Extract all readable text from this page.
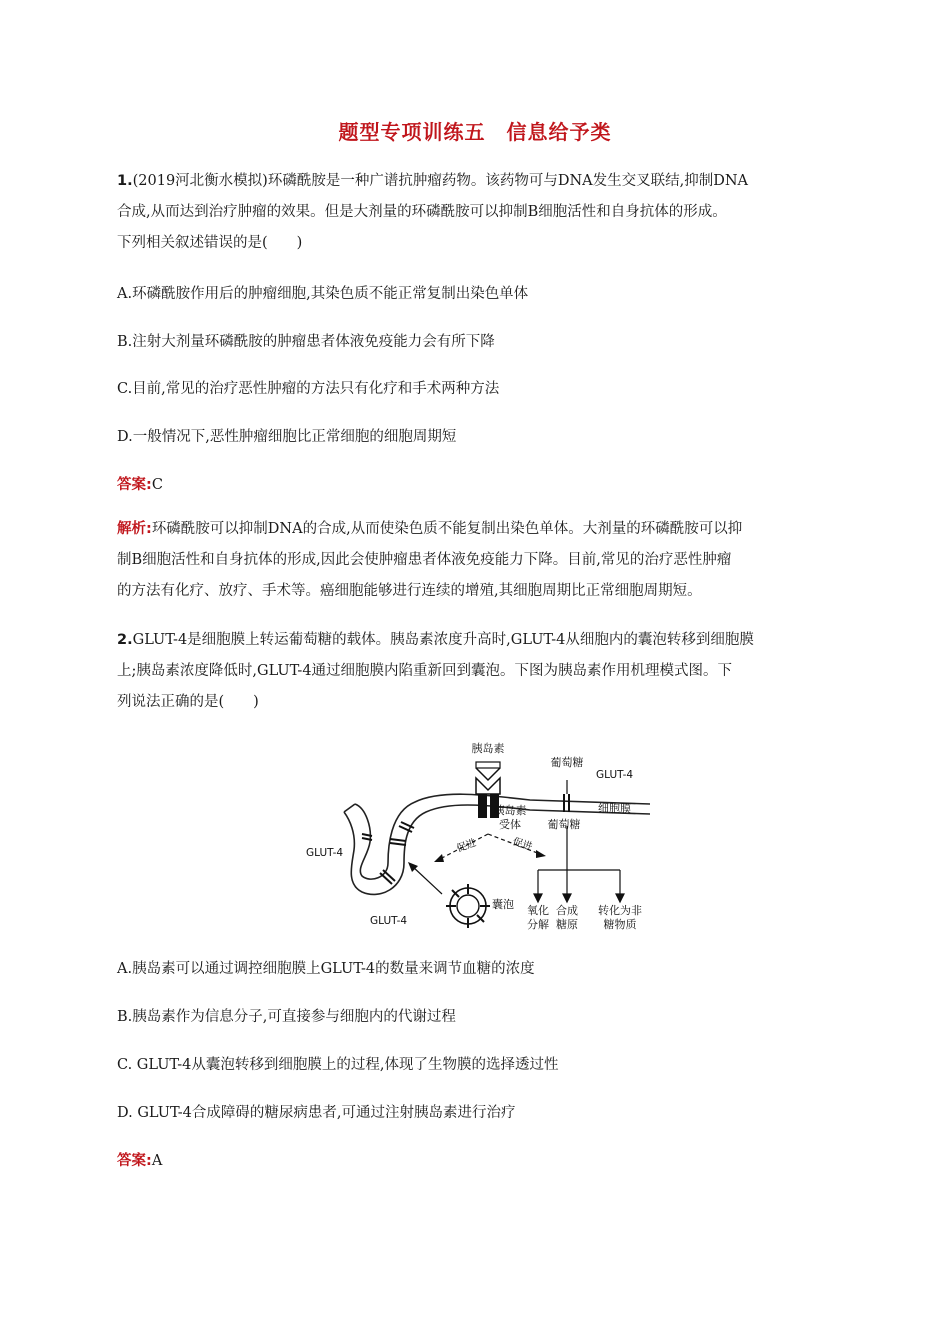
题型专项训练五　信息给予类
1.(2019河北衡水模拟)环磷酰胺是一种广谱抗肿瘤药物。该药物可与DNA发生交叉联结,抑制DNA
合成,从而达到治疗肿瘤的效果。但是大剂量的环磷酰胺可以抑制B细胞活性和自身抗体的形成。
下列相关叙述错误的是(　　)
A.环磷酰胺作用后的肿瘤细胞,其染色质不能正常复制出染色单体
B.注射大剂量环磷酰胺的肿瘤患者体液免疫能力会有所下降
C.目前,常见的治疗恶性肿瘤的方法只有化疗和手术两种方法
D.一般情况下,恶性肿瘤细胞比正常细胞的细胞周期短
答案:C
解析:环磷酰胺可以抑制DNA的合成,从而使染色质不能复制出染色单体。大剂量的环磷酰胺可以抑
制B细胞活性和自身抗体的形成,因此会使肿瘤患者体液免疫能力下降。目前,常见的治疗恶性肿瘤
的方法有化疗、放疗、手术等。癌细胞能够进行连续的增殖,其细胞周期比正常细胞周期短。
2.GLUT-4是细胞膜上转运葡萄糖的载体。胰岛素浓度升高时,GLUT-4从细胞内的囊泡转移到细胞膜
上;胰岛素浓度降低时,GLUT-4通过细胞膜内陷重新回到囊泡。下图为胰岛素作用机理模式图。下
列说法正确的是(　　)
胰岛素
葡萄糖
GLUT-4
细胞膜
胰岛素
受体 葡萄糖
GLUT-4	促进	促进
囊泡
GLUT-4
氧化
分解
合成
糖原
转化为非
糖物质
A.胰岛素可以通过调控细胞膜上GLUT-4的数量来调节血糖的浓度
B.胰岛素作为信息分子,可直接参与细胞内的代谢过程
C. GLUT-4从囊泡转移到细胞膜上的过程,体现了生物膜的选择透过性
D. GLUT-4合成障碍的糖尿病患者,可通过注射胰岛素进行治疗
答案:A
